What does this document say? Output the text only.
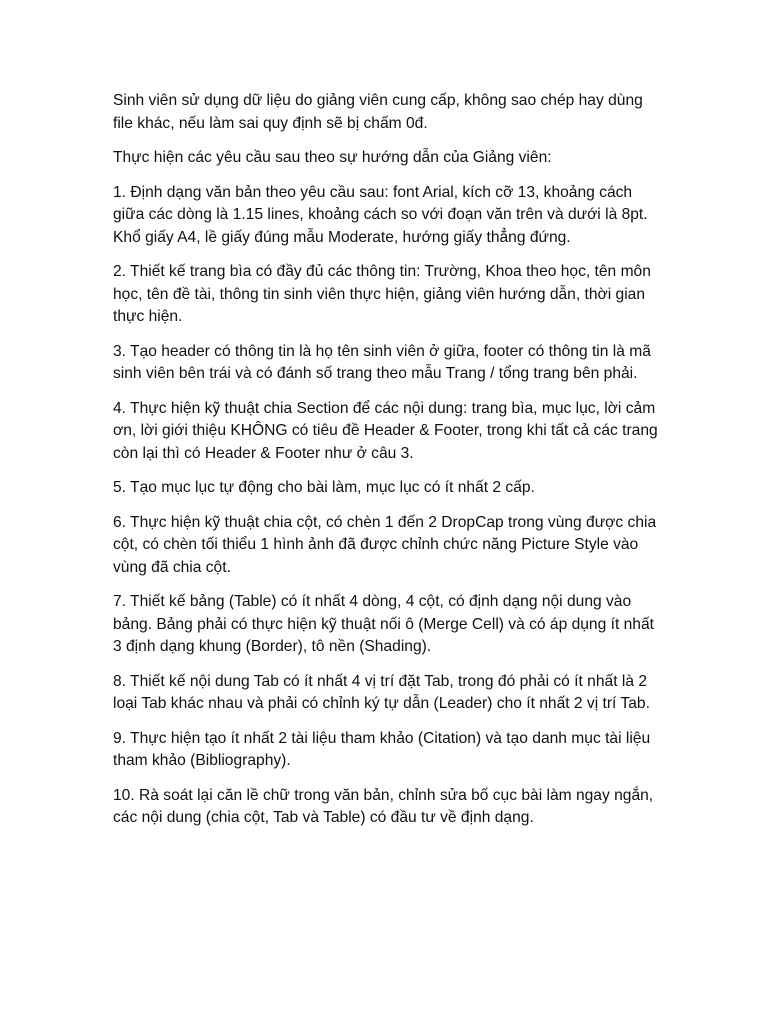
Sinh viên sử dụng dữ liệu do giảng viên cung cấp, không sao chép hay dùng file khác, nếu làm sai quy định sẽ bị chấm 0đ.

Thực hiện các yêu cầu sau theo sự hướng dẫn của Giảng viên:

1. Định dạng văn bản theo yêu cầu sau: font Arial, kích cỡ 13, khoảng cách giữa các dòng là 1.15 lines, khoảng cách so với đoạn văn trên và dưới là 8pt. Khổ giấy A4, lề giấy đúng mẫu Moderate, hướng giấy thẳng đứng.

2. Thiết kế trang bìa có đầy đủ các thông tin: Trường, Khoa theo học, tên môn học, tên đề tài, thông tin sinh viên thực hiện, giảng viên hướng dẫn, thời gian thực hiện.

3. Tạo header có thông tin là họ tên sinh viên ở giữa, footer có thông tin là mã sinh viên bên trái và có đánh số trang theo mẫu Trang / tổng trang bên phải.

4. Thực hiện kỹ thuật chia Section để các nội dung: trang bìa, mục lục, lời cảm ơn, lời giới thiệu KHÔNG có tiêu đề Header & Footer, trong khi tất cả các trang còn lại thì có Header & Footer như ở câu 3.

5. Tạo mục lục tự động cho bài làm, mục lục có ít nhất 2 cấp.

6. Thực hiện kỹ thuật chia cột, có chèn 1 đến 2 DropCap trong vùng được chia cột, có chèn tối thiểu 1 hình ảnh đã được chỉnh chức năng Picture Style vào vùng đã chia cột.

7. Thiết kế bảng (Table) có ít nhất 4 dòng, 4 cột, có định dạng nội dung vào bảng. Bảng phải có thực hiện kỹ thuật nối ô (Merge Cell) và có áp dụng ít nhất 3 định dạng khung (Border), tô nền (Shading).

8. Thiết kế nội dung Tab có ít nhất 4 vị trí đặt Tab, trong đó phải có ít nhất là 2 loại Tab khác nhau và phải có chỉnh ký tự dẫn (Leader) cho ít nhất 2 vị trí Tab.

9. Thực hiện tạo ít nhất 2 tài liệu tham khảo (Citation) và tạo danh mục tài liệu tham khảo (Bibliography).

10. Rà soát lại căn lề chữ trong văn bản, chỉnh sửa bố cục bài làm ngay ngắn, các nội dung (chia cột, Tab và Table) có đầu tư về định dạng.
